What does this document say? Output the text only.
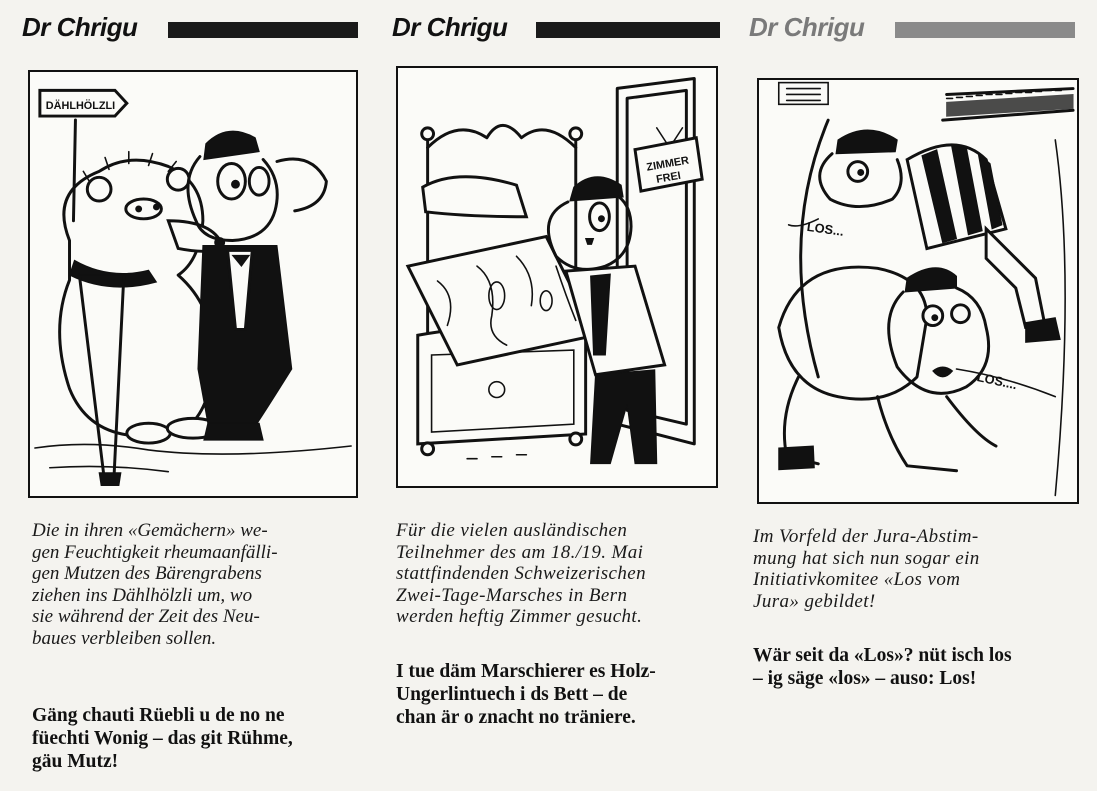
Dr Chrigu
DÄHLHÖLZLI
Die in ihren «Gemächern» we-
gen Feuchtigkeit rheumaanfälli-
gen Mutzen des Bärengrabens
ziehen ins Dählhölzli um, wo
sie während der Zeit des Neu-
baues verbleiben sollen.
Gäng chauti Rüebli u de no ne
füechti Wonig – das git Rühme,
gäu Mutz!
Dr Chrigu
ZIMMER
FREI
Für die vielen ausländischen
Teilnehmer des am 18./19. Mai
stattfindenden Schweizerischen
Zwei-Tage-Marsches in Bern
werden heftig Zimmer gesucht.
I tue däm Marschierer es Holz-
Ungerlintuech i ds Bett – de
chan är o znacht no träniere.
Dr Chrigu
LOS...
LOS....
Im Vorfeld der Jura-Abstim-
mung hat sich nun sogar ein
Initiativkomitee «Los vom
Jura» gebildet!
Wär seit da «Los»? nüt isch los
– ig säge «los» – auso: Los!
